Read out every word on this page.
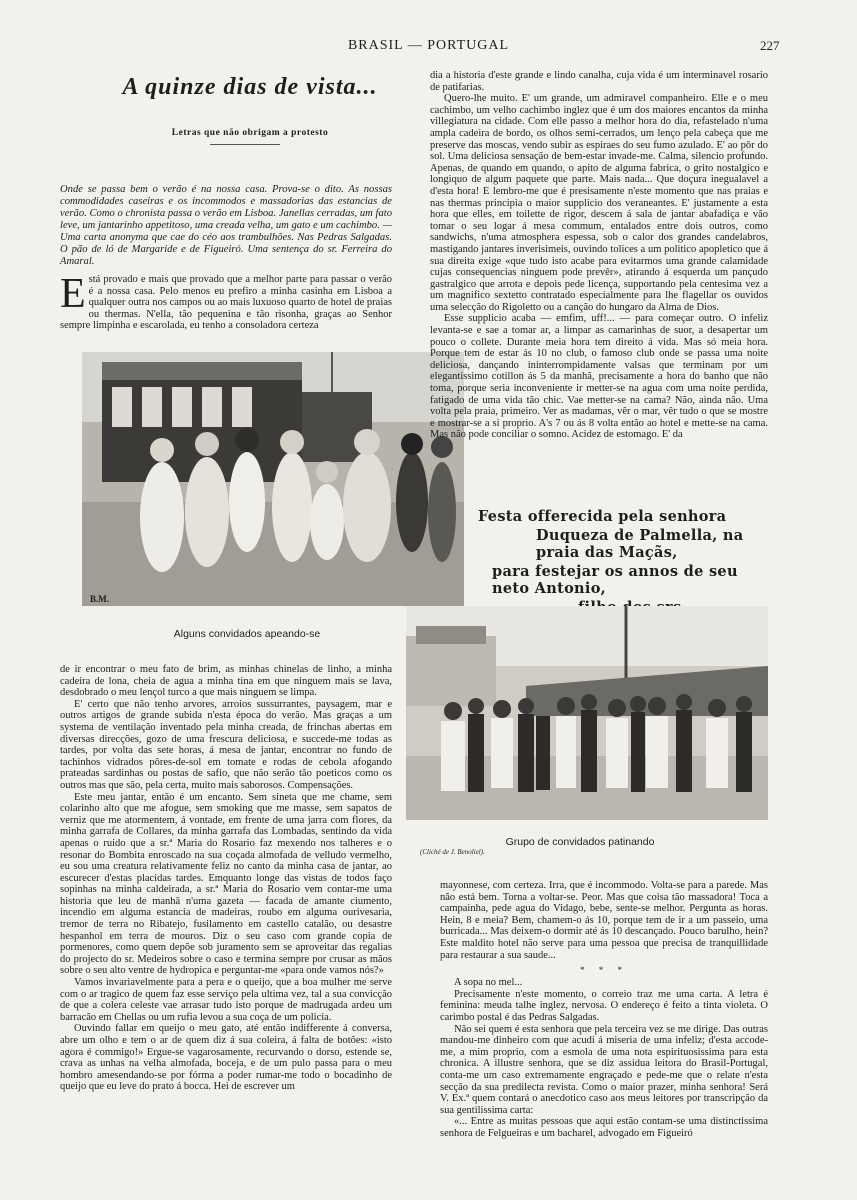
BRASIL — PORTUGAL	227
A quinze dias de vista...
Letras que não obrigam a protesto
Onde se passa bem o verão é na nossa casa. Prova-se o dito. As nossas commodidades caseiras e os incommodos e massadorias das estancias de verão. Como o chronista passa o verão em Lisboa. Janellas cerradas, um fato leve, um jantarinho appetitoso, uma creada velha, um gato e um cachimbo. — Uma carta anonyma que cae do céo aos trambulhões. Nas Pedras Salgadas. O pão de ló de Margaride e de Figueiró. Uma sentença do sr. Ferreira do Amaral.

Está provado e mais que provado que a melhor parte para passar o verão é a nossa casa. Pelo menos eu prefiro a minha casinha em Lisboa a qualquer outra nos campos ou ao mais luxuoso quarto de hotel de praias ou thermas. N'ella, tão pequenina e tão risonha, graças ao Senhor sempre limpinha e escarolada, eu tenho a consoladora certeza

B.M.
Alguns convidados apeando-se
Festa offerecida pela senhora
Duqueza de Palmella, na praia das Maçãs,
para festejar os annos de seu neto Antonio,
Grupo de convidados patinando
(Cliché de J. Benoliel).

de ir encontrar o meu fato de brim, as minhas chinelas de linho, a minha cadeira de lona, cheia de agua a minha tina em que ninguem mais se lava, desdobrado o meu lençol turco a que mais ninguem se limpa.

E' certo que não tenho arvores, arroios sussurrantes, paysagem, mar e outros artigos de grande subida n'esta época do verão. Mas graças a um systema de ventilação inventado pela minha creada, de frinchas abertas em diversas direcções, gozo de uma frescura deliciosa, e succede-me todas as tardes, por volta das sete horas, á mesa de jantar, encontrar no fundo de tachinhos vidrados pôres-de-sol em tomate e rodas de cebola afogando prateadas sardinhas ou postas de safio, que não serão tão poeticos como os outros mas que são, pela certa, muito mais saborosos. Compensações.

Este meu jantar, então é um encanto. Sem sineta que me chame, sem colarinho alto que me afogue, sem smoking que me masse, sem sapatos de verniz que me atormentem, á vontade, em frente de uma jarra com flores, da minha garrafa de Collares, da minha garrafa das Lombadas, sentindo da vida apenas o ruido que a sr.ª Maria do Rosario faz mexendo nos talheres e o resonar do Bombita enroscado na sua coçada almofada de velludo vermelho, eu sou uma creatura relativamente feliz no canto da minha casa de jantar, ao escurecer d'estas placidas tardes. Emquanto longe das vistas de todos faço sopinhas na minha caldeirada, a sr.ª Maria do Rosario vem contar-me uma historia que leu de manhã n'uma gazeta — facada de amante ciumento, incendio em alguma estancia de madeiras, roubo em alguma ourivesaria, tremor de terra no Ribatejo, fusilamento em castello catalão, ou desastre hespanhol em terra de mouros. Diz o seu caso com grande copia de pormenores, como quem depõe sob juramento sem se aproveitar das regalias do projecto do sr. Medeiros sobre o caso e termina sempre por crusar as mãos sobre o seu alto ventre de hydropica e perguntar-me «para onde vamos nós?»

Vamos invariavelmente para a pera e o queijo, que a boa mulher me serve com o ar tragico de quem faz esse serviço pela ultima vez, tal a sua convicção de que a colera celeste vae arrasar tudo isto porque de madrugada ardeu um barracão em Chellas ou um rufia levou a sua coça de um policia.

Ouvindo fallar em queijo o meu gato, até então indifferente á conversa, abre um olho e tem o ar de quem diz á sua coleira, á falta de botões: «isto agora é commigo!» Ergue-se vagarosamente, recurvando o dorso, estende se, crava as unhas na velha almofada, boceja, e de um pulo passa para o meu hombro amesendando-se por fórma a poder rumar-me todo o bocadinho de queijo que eu leve do prato á bocca. Hei de escrever um

dia a historia d'este grande e lindo canalha, cuja vida é um interminavel rosario de patifarias.

Quero-lhe muito. E' um grande, um admiravel companheiro. Elle e o meu cachimbo, um velho cachimbo inglez que é um dos maiores encantos da minha villegiatura na cidade. Com elle passo a melhor hora do dia, refastelado n'uma ampla cadeira de bordo, os olhos semi-cerrados, um lenço pela cabeça que me preserve das moscas, vendo subir as espiraes do seu fumo azulado. E' ao pôr do sol. Uma deliciosa sensação de bem-estar invade-me. Calma, silencio profundo. Apenas, de quando em quando, o apito de alguma fabrica, o grito nostalgico e longiquo de algum paquete que parte. Mais nada... Que doçura inegualavel a d'esta hora! E lembro-me que é presisamente n'este momento que nas praias e nas thermas principia o maior supplicio dos veraneantes. E' justamente a esta hora que elles, em toilette de rigor, descem á sala de jantar abafadiça e vão tomar o seu logar á mesa commum, entalados entre dois outros, como sandwichs, n'uma atmosphera espessa, sob o calor dos grandes candelabros, mastigando jantares inverisimeis, ouvindo tolices a um politico apopletico que á sua direita exige «que tudo isto acabe para evitarmos uma grande calamidade cujas consequencias ninguem pode prevêr», atirando á esquerda um pançudo gastralgico que arrota e depois pede licença, supportando pela centesima vez a um magnifico sextetto contratado especialmente para lhe flagellar os ouvidos uma selecção do Rigoletto ou a canção do hungaro da Alma de Dios.

Esse supplicio acaba — emfim, uff!... — para começar outro. O infeliz levanta-se e sae a tomar ar, a limpar as camarinhas de suor, a desapertar um pouco o collete. Durante meia hora tem direito á vida. Mas só meia hora. Porque tem de estar ás 10 no club, o famoso club onde se passa uma noite deliciosa, dançando ininterrompidamente valsas que terminam por um elegantissimo cotillon ás 5 da manhã, precisamente a hora do banho que não toma, porque seria inconveniente ir metter-se na agua com uma noite perdida, fatigado de uma vida tão chic. Vae metter-se na cama? Não, ainda não. Uma volta pela praia, primeiro. Ver as madamas, vêr o mar, vêr tudo o que se mostre e mostrar-se a si proprio. A's 7 ou ás 8 volta então ao hotel e mette-se na cama. Mas não pode conciliar o somno. Acidez de estomago. E' da

mayonnese, com certeza. Irra, que é incommodo. Volta-se para a parede. Mas não está bem. Torna a voltar-se. Peor. Mas que coisa tão massadora! Toca a campainha, pede agua do Vidago, bebe, sente-se melhor. Pergunta as horas. Hein, 8 e meia? Bem, chamem-o ás 10, porque tem de ir a um passeio, uma burricada... Mas deixem-o dormir até ás 10 descançado. Pouco barulho, hein? Este maldito hotel não serve para uma pessoa que precisa de tranquillidade para restaurar a sua saude...

* * *

A sopa no mel...

Precisamente n'este momento, o correio traz me uma carta. A letra é feminina: meuda talhe inglez, nervosa. O endereço é feito a tinta violeta. O carimbo postal é das Pedras Salgadas.

Não sei quem é esta senhora que pela terceira vez se me dirige. Das outras mandou-me dinheiro com que acudi á miseria de uma infeliz; d'esta accode-me, a mim proprio, com a esmola de uma nota espirituosissima para esta chronica. A illustre senhora, que se diz assidua leitora do Brasil-Portugal, conta-me um caso extremamente engraçado e pede-me que o relate n'esta secção da sua predilecta revista. Como o maior prazer, minha senhora! Será V. Ex.ª quem contará o anecdotico caso aos meus leitores por transcripção da sua gentilissima carta:

«... Entre as muitas pessoas que aqui estão contam-se uma distinctissima senhora de Felgueiras e um bacharel, advogado em Figueiró
